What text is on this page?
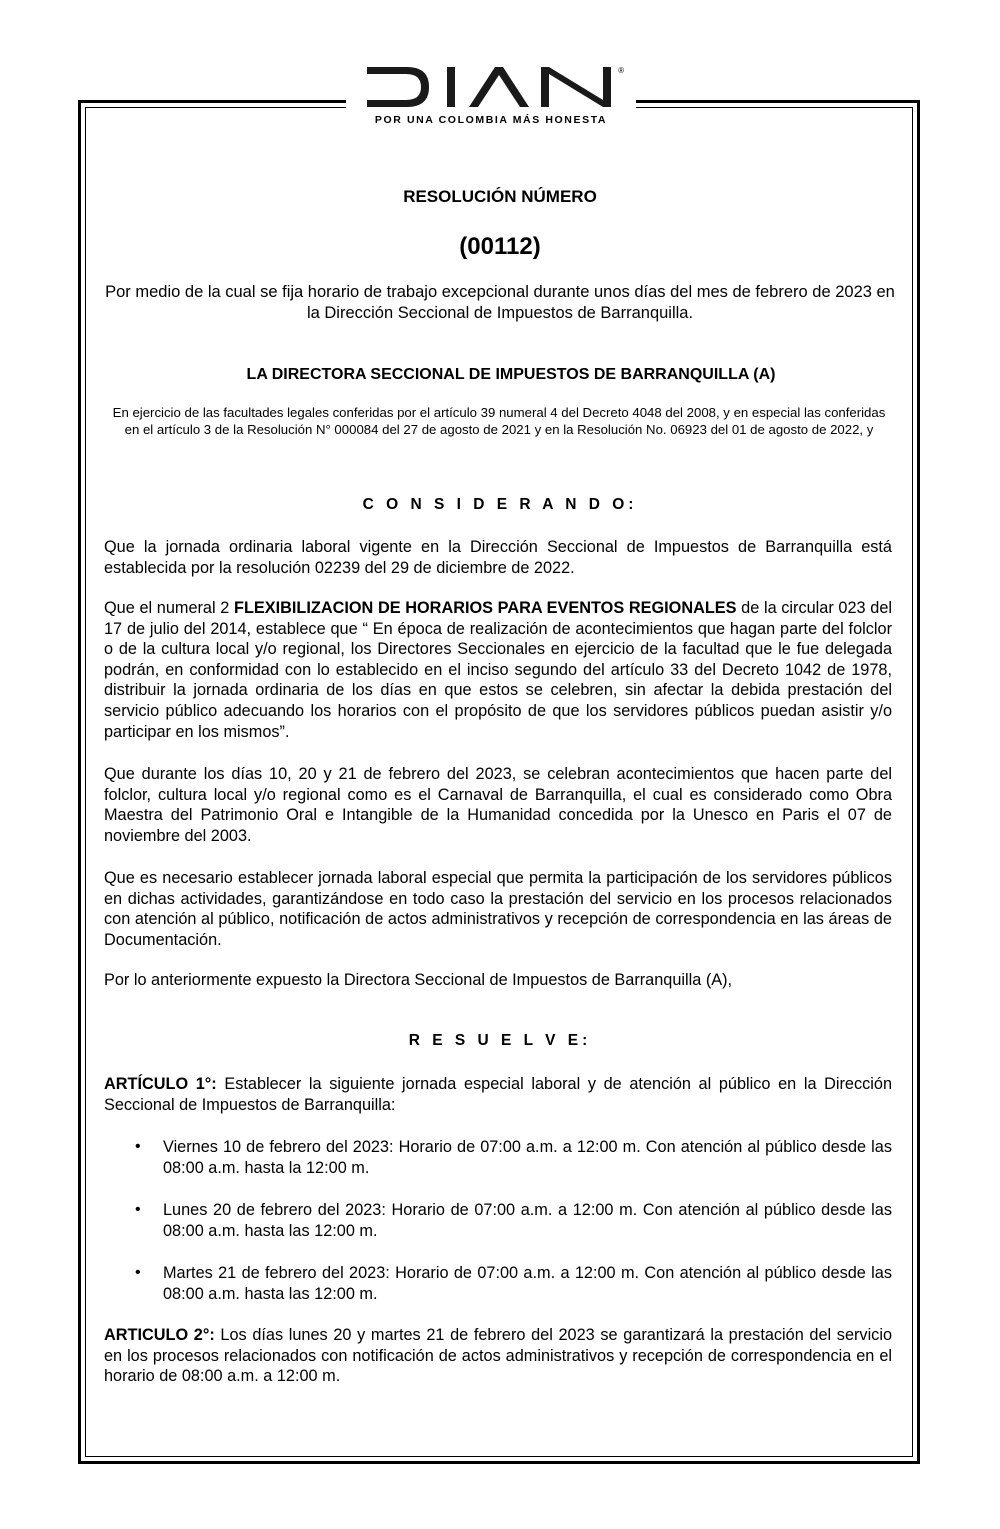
®
POR UNA COLOMBIA MÁS HONESTA
RESOLUCIÓN NÚMERO
(00112)
Por medio de la cual se fija horario de trabajo excepcional durante unos días del mes de febrero de 2023 en la Dirección Seccional de Impuestos de Barranquilla.
LA DIRECTORA SECCIONAL DE IMPUESTOS DE BARRANQUILLA (A)
En ejercicio de las facultades legales conferidas por el artículo 39 numeral 4 del Decreto 4048 del 2008, y en especial las conferidas en el artículo 3 de la Resolución N° 000084 del 27 de agosto de 2021 y en la Resolución No. 06923 del 01 de agosto de 2022, y
C O N S I D E R A N D O:
Que la jornada ordinaria laboral vigente en la Dirección Seccional de Impuestos de Barranquilla está establecida por la resolución 02239 del 29 de diciembre de 2022.
Que el numeral 2 FLEXIBILIZACION DE HORARIOS PARA EVENTOS REGIONALES de la circular 023 del 17 de julio del 2014, establece que “ En época de realización de acontecimientos que hagan parte del folclor o de la cultura local y/o regional, los Directores Seccionales en ejercicio de la facultad que le fue delegada podrán, en conformidad con lo establecido en el inciso segundo del artículo 33 del Decreto 1042 de 1978, distribuir la jornada ordinaria de los días en que estos se celebren, sin afectar la debida prestación del servicio público adecuando los horarios con el propósito de que los servidores públicos puedan asistir y/o participar en los mismos”.
Que durante los días 10, 20 y 21 de febrero del 2023, se celebran acontecimientos que hacen parte del folclor, cultura local y/o regional como es el Carnaval de Barranquilla, el cual es considerado como Obra Maestra del Patrimonio Oral e Intangible de la Humanidad concedida por la Unesco en Paris el 07 de noviembre del 2003.
Que es necesario establecer jornada laboral especial que permita la participación de los servidores públicos en dichas actividades, garantizándose en todo caso la prestación del servicio en los procesos relacionados con atención al público, notificación de actos administrativos y recepción de correspondencia en las áreas de Documentación.
Por lo anteriormente expuesto la Directora Seccional de Impuestos de Barranquilla (A),
R E S U E L V E:
ARTÍCULO 1°: Establecer la siguiente jornada especial laboral y de atención al público en la Dirección Seccional de Impuestos de Barranquilla:
• Viernes 10 de febrero del 2023: Horario de 07:00 a.m. a 12:00 m. Con atención al público desde las 08:00 a.m. hasta la 12:00 m.
• Lunes 20 de febrero del 2023: Horario de 07:00 a.m. a 12:00 m. Con atención al público desde las 08:00 a.m. hasta las 12:00 m.
• Martes 21 de febrero del 2023: Horario de 07:00 a.m. a 12:00 m. Con atención al público desde las 08:00 a.m. hasta las 12:00 m.
ARTICULO 2°: Los días lunes 20 y martes 21 de febrero del 2023 se garantizará la prestación del servicio en los procesos relacionados con notificación de actos administrativos y recepción de correspondencia en el horario de 08:00 a.m. a 12:00 m.
